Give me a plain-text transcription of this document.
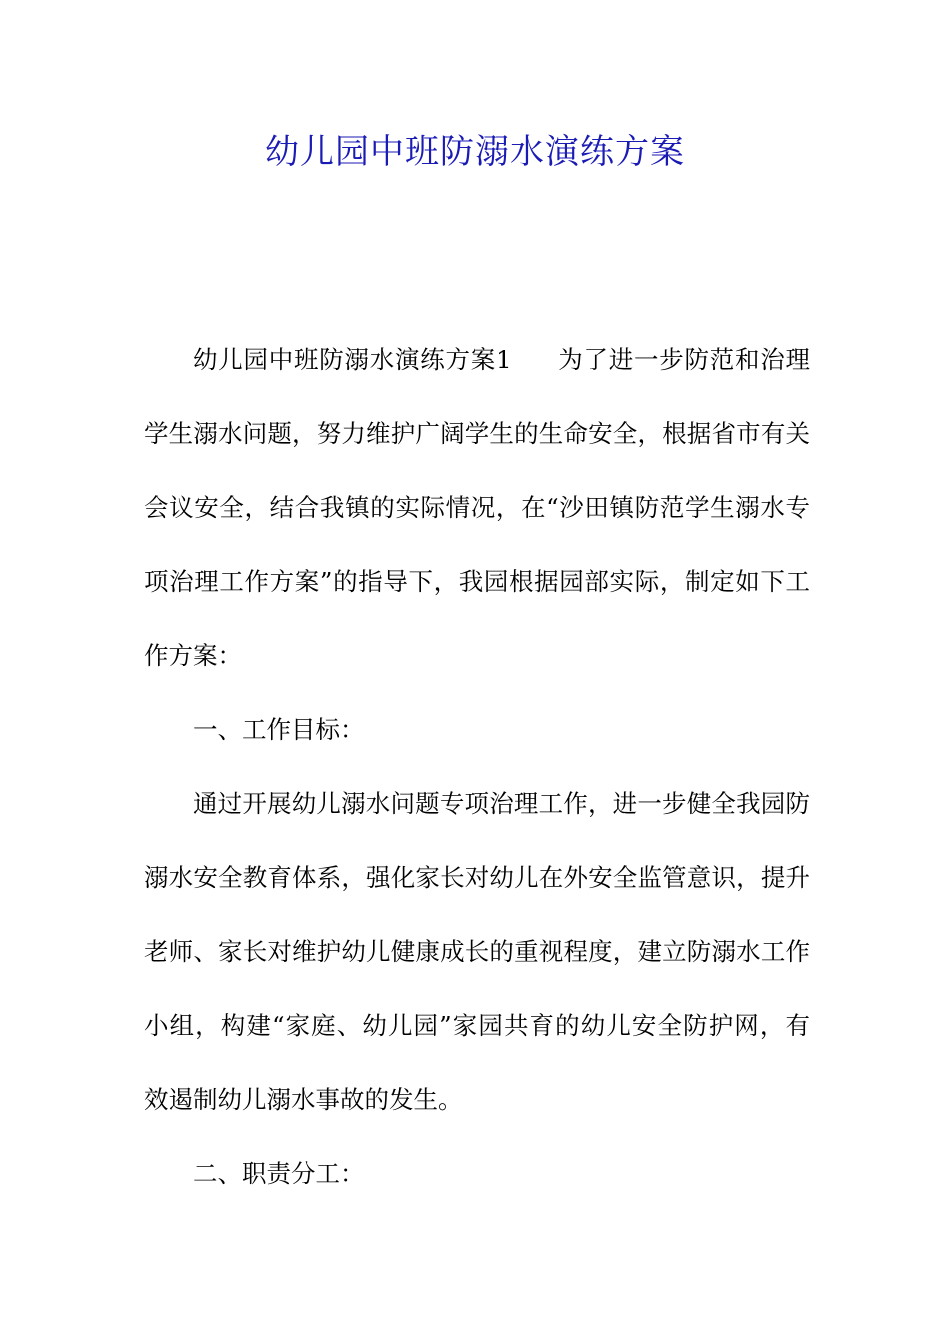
幼儿园中班防溺水演练方案
幼儿园中班防溺水演练方案1 为了进一步防范和治理
学生溺水问题，努力维护广阔学生的生命安全，根据省市有关
会议安全，结合我镇的实际情况，在“沙田镇防范学生溺水专
项治理工作方案”的指导下，我园根据园部实际，制定如下工
作方案：
一、工作目标：
通过开展幼儿溺水问题专项治理工作，进一步健全我园防
溺水安全教育体系，强化家长对幼儿在外安全监管意识，提升
老师、家长对维护幼儿健康成长的重视程度，建立防溺水工作
小组，构建“家庭、幼儿园”家园共育的幼儿安全防护网，有
效遏制幼儿溺水事故的发生。
二、职责分工：
